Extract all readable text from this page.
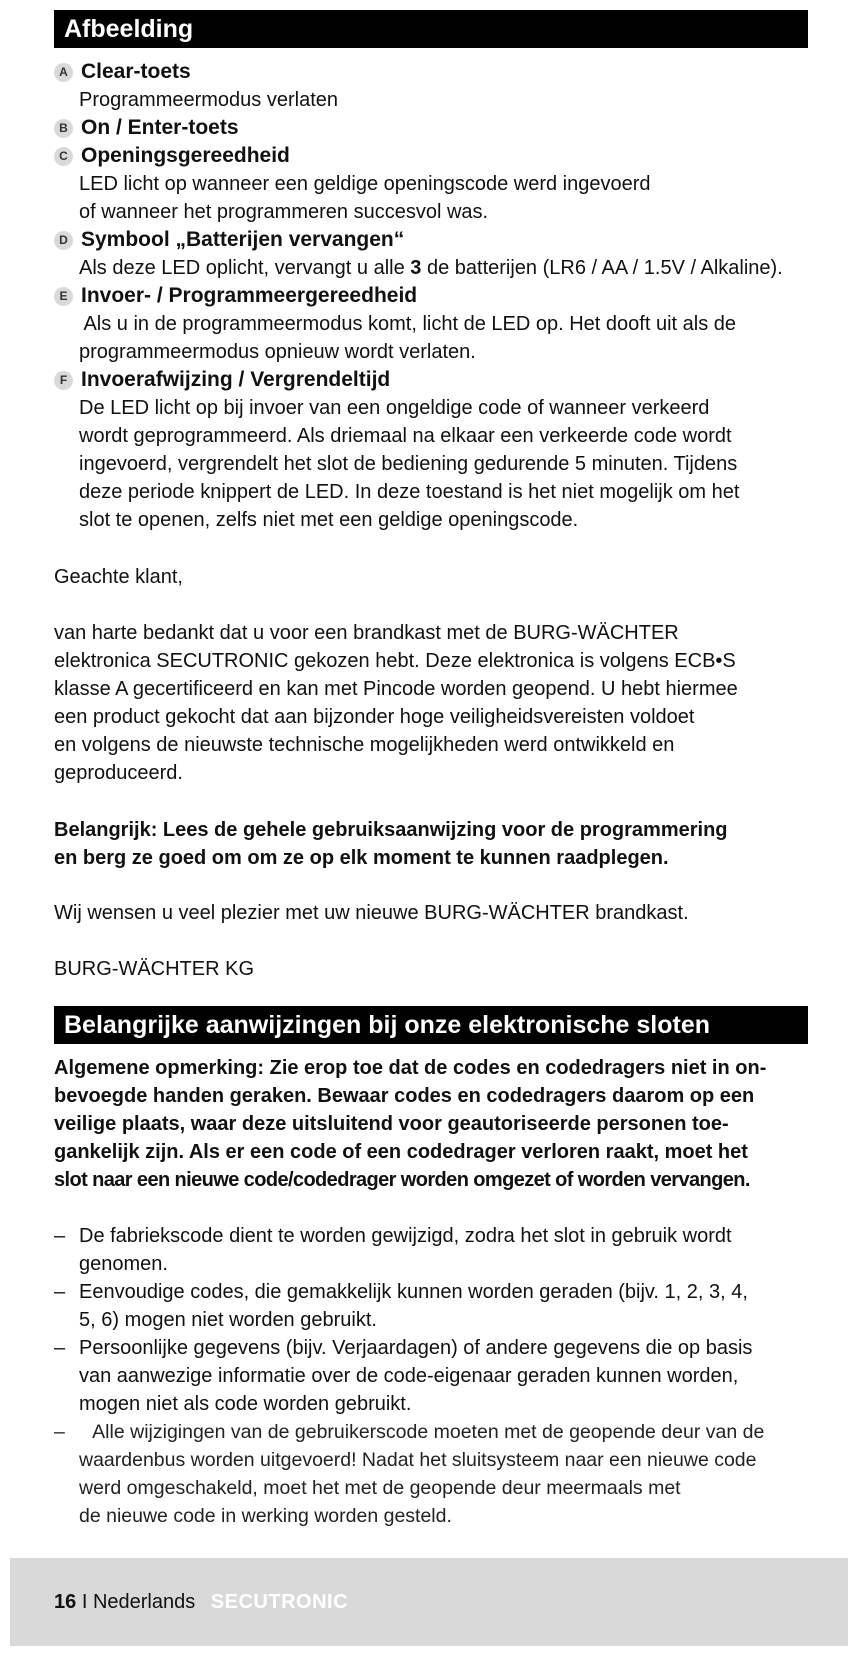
Afbeelding
A Clear-toets

Programmeermodus verlaten

B On / Enter-toets
C Openingsgereedheid

LED licht op wanneer een geldige openingscode werd ingevoerd

of wanneer het programmeren succesvol was.

D Symbool „Batterijen vervangen“

Als deze LED oplicht, vervangt u alle 3 de batterijen (LR6 / AA / 1.5V / Alkaline).

E Invoer- / Programmeergereedheid

Als u in de programmeermodus komt, licht de LED op. Het dooft uit als de

programmeermodus opnieuw wordt verlaten.

F Invoerafwijzing / Vergrendeltijd

De LED licht op bij invoer van een ongeldige code of wanneer verkeerd

wordt geprogrammeerd. Als driemaal na elkaar een verkeerde code wordt

ingevoerd, vergrendelt het slot de bediening gedurende 5 minuten. Tijdens

deze periode knippert de LED. In deze toestand is het niet mogelijk om het

slot te openen, zelfs niet met een geldige openingscode.

Geachte klant,

van harte bedankt dat u voor een brandkast met de BURG-WÄCHTER
elektronica SECUTRONIC gekozen hebt. Deze elektronica is volgens ECB•S
klasse A gecertificeerd en kan met Pincode worden geopend. U hebt hiermee
een product gekocht dat aan bijzonder hoge veiligheidsvereisten voldoet
en volgens de nieuwste technische mogelijkheden werd ontwikkeld en
geproduceerd.
Belangrijk: Lees de gehele gebruiksaanwijzing voor de programmering
en berg ze goed om om ze op elk moment te kunnen raadplegen.

Wij wensen u veel plezier met uw nieuwe BURG-WÄCHTER brandkast.

BURG-WÄCHTER KG

Belangrijke aanwijzingen bij onze elektronische sloten
Algemene opmerking: Zie erop toe dat de codes en codedragers niet in on-
bevoegde handen geraken. Bewaar codes en codedragers daarom op een
veilige plaats, waar deze uitsluitend voor geautoriseerde personen toe-
gankelijk zijn. Als er een code of een codedrager verloren raakt, moet het
slot naar een nieuwe code/codedrager worden omgezet of worden vervangen.
– De fabriekscode dient te worden gewijzigd, zodra het slot in gebruik wordt
genomen.
– Eenvoudige codes, die gemakkelijk kunnen worden geraden (bijv. 1, 2, 3, 4,
5, 6) mogen niet worden gebruikt.
– Persoonlijke gegevens (bijv. Verjaardagen) of andere gegevens die op basis
van aanwezige informatie over de code-eigenaar geraden kunnen worden,
mogen niet als code worden gebruikt.
– Alle wijzigingen van de gebruikerscode moeten met de geopende deur van de
waardenbus worden uitgevoerd! Nadat het sluitsysteem naar een nieuwe code
werd omgeschakeld, moet het met de geopende deur meermaals met
de nieuwe code in werking worden gesteld.
16 I Nederlands SECUTRONIC
